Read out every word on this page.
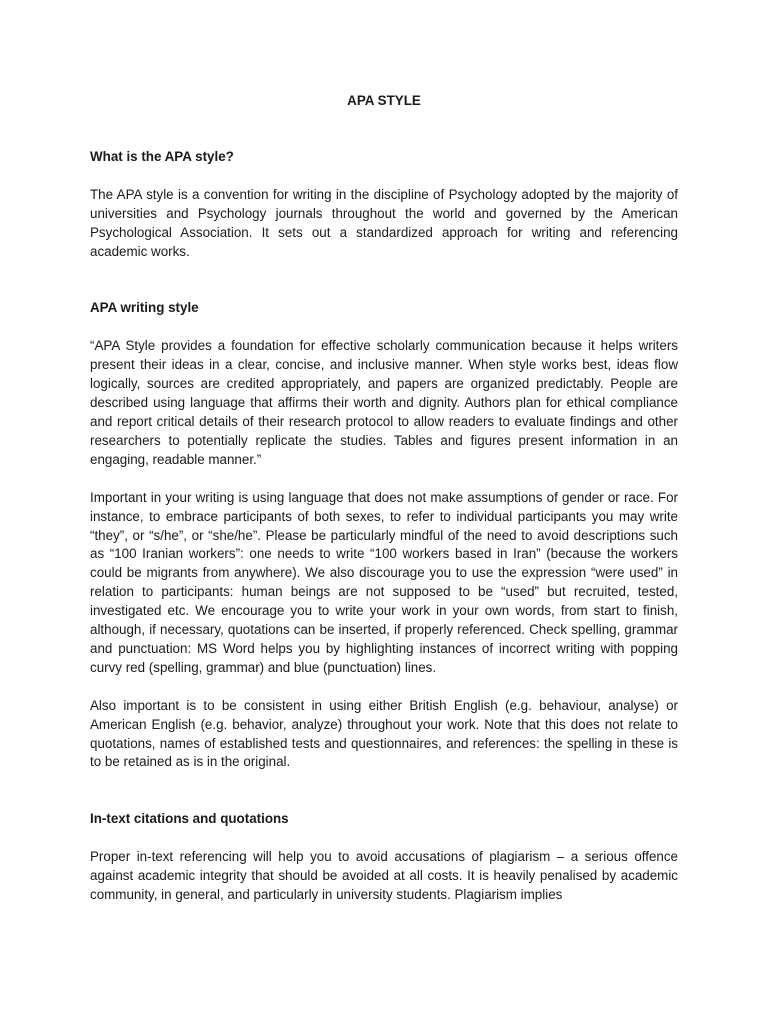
APA STYLE
What is the APA style?
The APA style is a convention for writing in the discipline of Psychology adopted by the majority of universities and Psychology journals throughout the world and governed by the American Psychological Association. It sets out a standardized approach for writing and referencing academic works.
APA writing style
“APA Style provides a foundation for effective scholarly communication because it helps writers present their ideas in a clear, concise, and inclusive manner. When style works best, ideas flow logically, sources are credited appropriately, and papers are organized predictably. People are described using language that affirms their worth and dignity. Authors plan for ethical compliance and report critical details of their research protocol to allow readers to evaluate findings and other researchers to potentially replicate the studies. Tables and figures present information in an engaging, readable manner.”
Important in your writing is using language that does not make assumptions of gender or race. For instance, to embrace participants of both sexes, to refer to individual participants you may write “they”, or “s/he”, or “she/he”. Please be particularly mindful of the need to avoid descriptions such as “100 Iranian workers”: one needs to write “100 workers based in Iran” (because the workers could be migrants from anywhere). We also discourage you to use the expression “were used” in relation to participants: human beings are not supposed to be “used” but recruited, tested, investigated etc. We encourage you to write your work in your own words, from start to finish, although, if necessary, quotations can be inserted, if properly referenced. Check spelling, grammar and punctuation: MS Word helps you by highlighting instances of incorrect writing with popping curvy red (spelling, grammar) and blue (punctuation) lines.
Also important is to be consistent in using either British English (e.g. behaviour, analyse) or American English (e.g. behavior, analyze) throughout your work. Note that this does not relate to quotations, names of established tests and questionnaires, and references: the spelling in these is to be retained as is in the original.
In-text citations and quotations
Proper in-text referencing will help you to avoid accusations of plagiarism – a serious offence against academic integrity that should be avoided at all costs. It is heavily penalised by academic community, in general, and particularly in university students. Plagiarism implies
